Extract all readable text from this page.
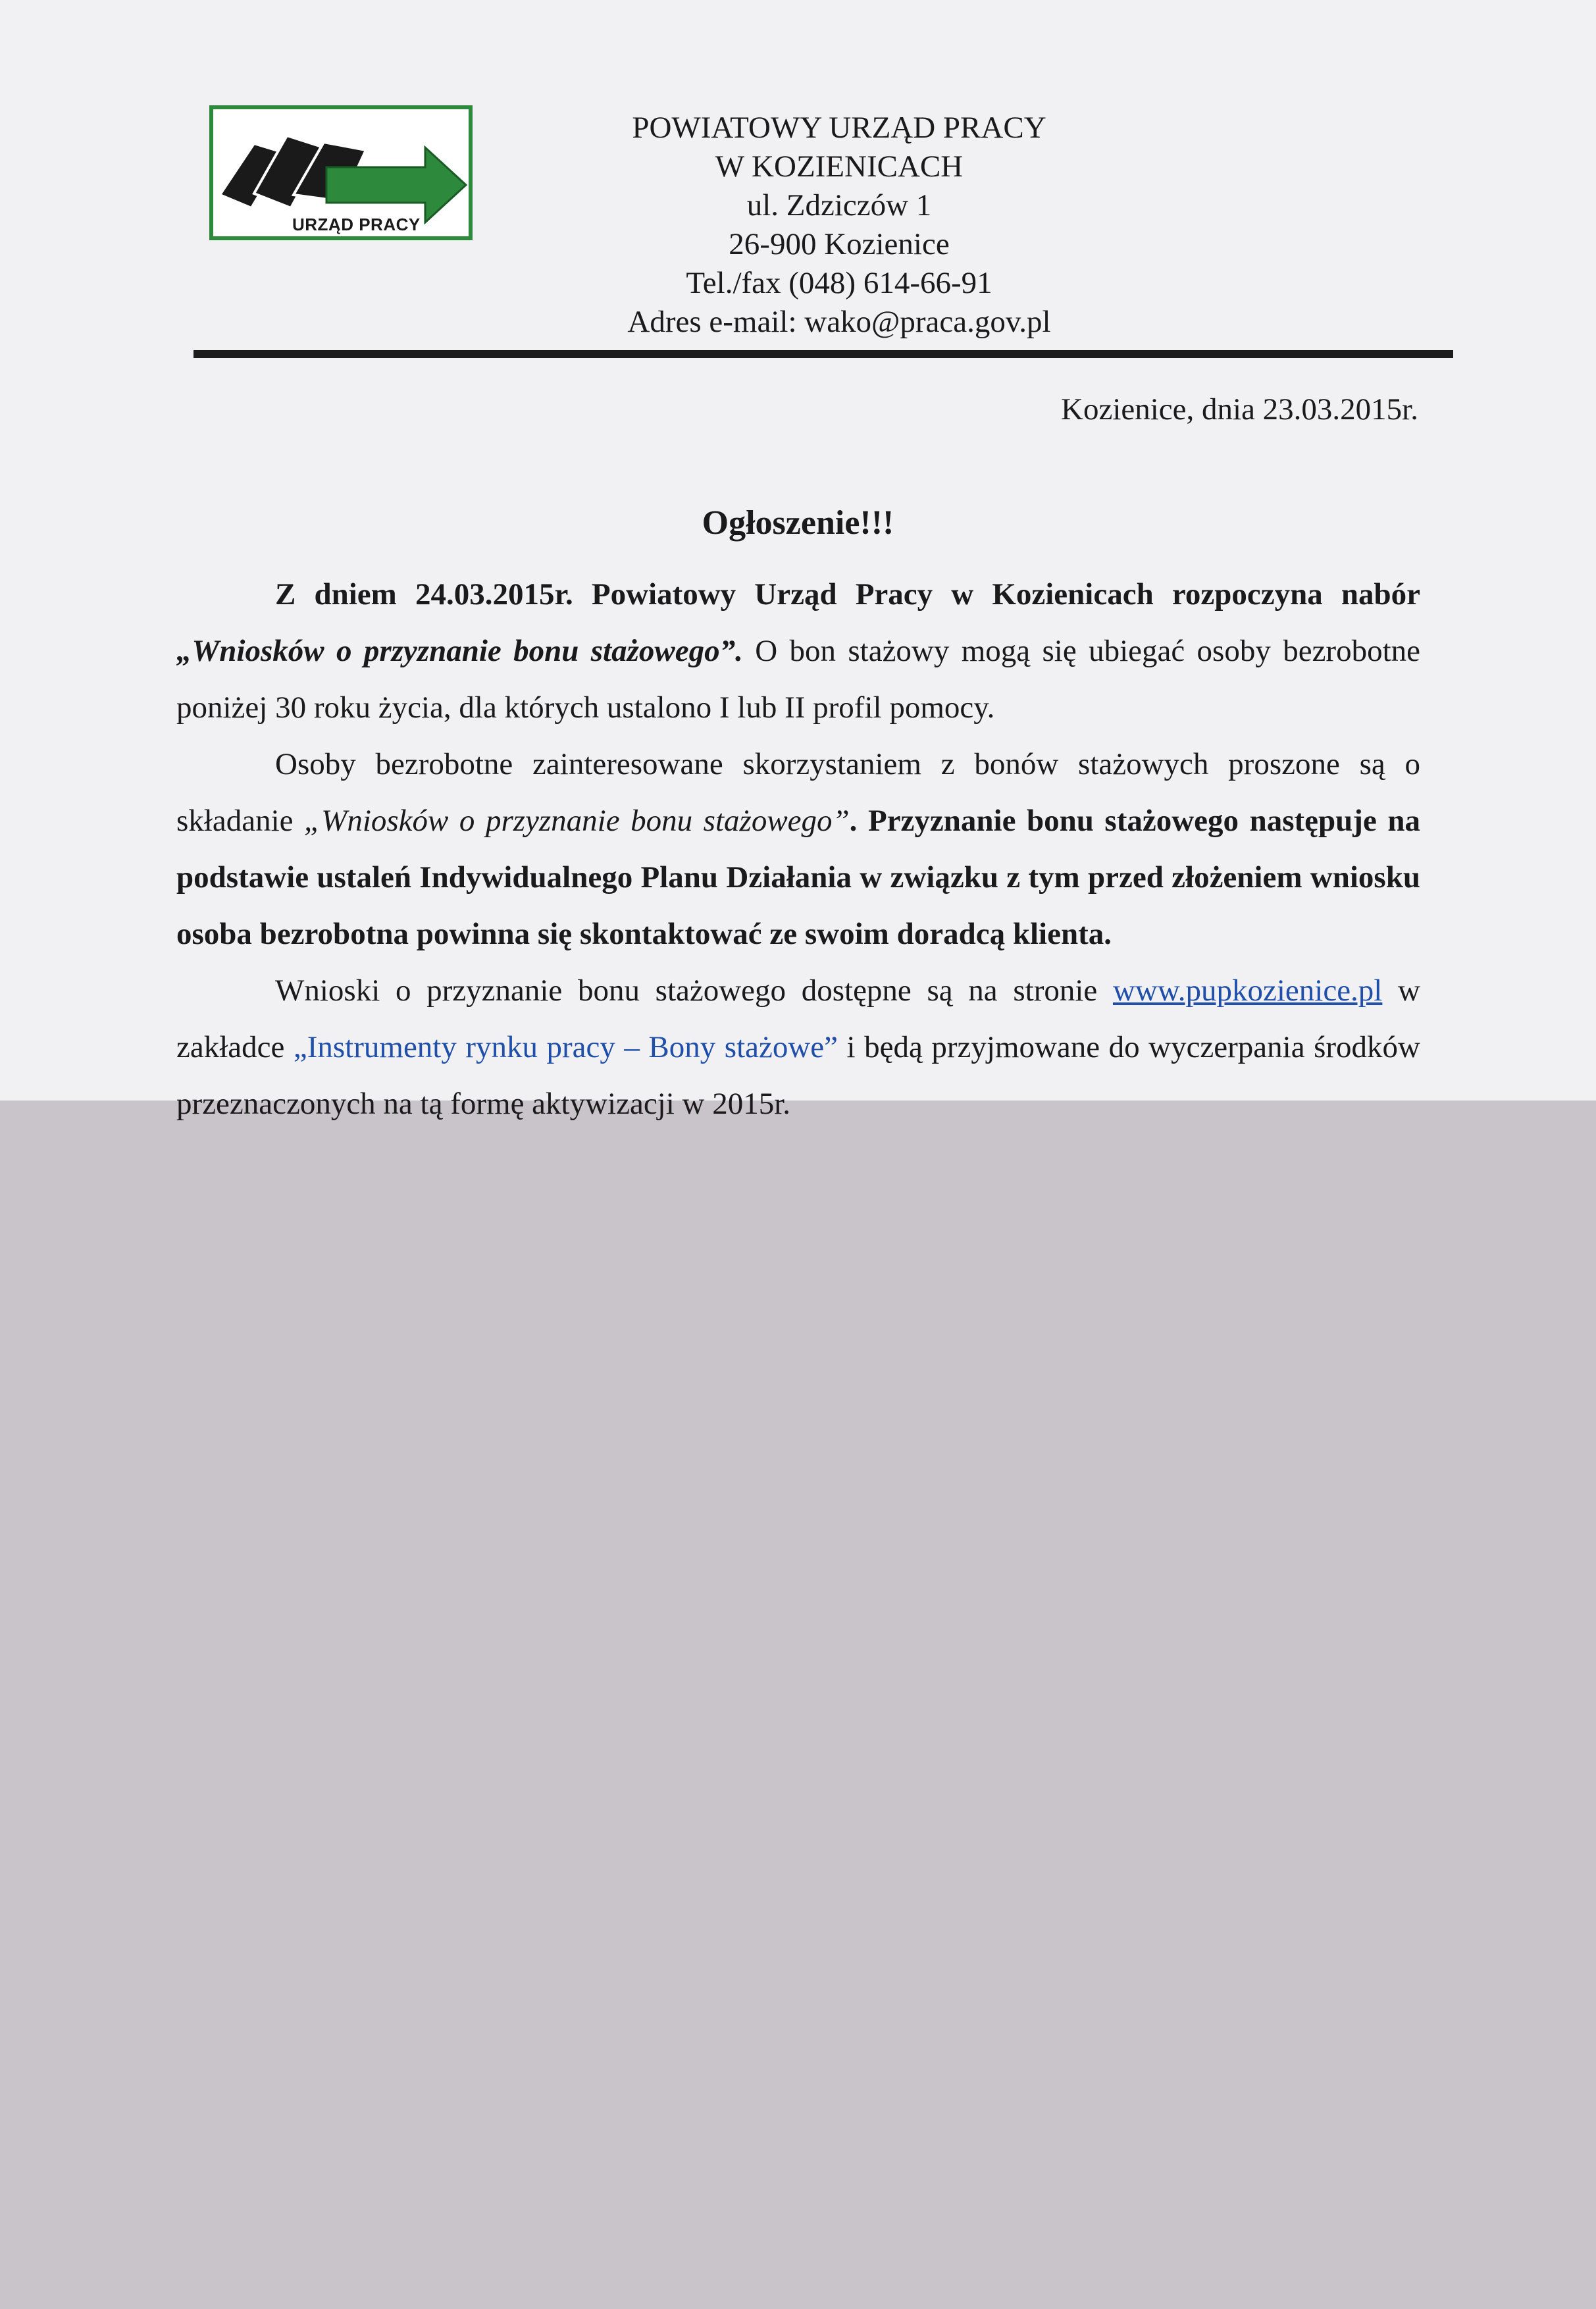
URZĄD PRACY
POWIATOWY URZĄD PRACY
W KOZIENICACH
ul. Zdziczów 1
26-900 Kozienice
Tel./fax (048) 614-66-91
Adres e-mail: wako@praca.gov.pl
Kozienice, dnia 23.03.2015r.
Ogłoszenie!!!

Z dniem 24.03.2015r. Powiatowy Urząd Pracy w Kozienicach rozpoczyna nabór „Wniosków o przyznanie bonu stażowego”. O bon stażowy mogą się ubiegać osoby bezrobotne poniżej 30 roku życia, dla których ustalono I lub II profil pomocy.

Osoby bezrobotne zainteresowane skorzystaniem z bonów stażowych proszone są o składanie „Wniosków o przyznanie bonu stażowego”. Przyznanie bonu stażowego następuje na podstawie ustaleń Indywidualnego Planu Działania w związku z tym przed złożeniem wniosku osoba bezrobotna powinna się skontaktować ze swoim doradcą klienta.

Wnioski o przyznanie bonu stażowego dostępne są na stronie www.pupkozienice.pl w zakładce „Instrumenty rynku pracy – Bony stażowe” i będą przyjmowane do wyczerpania środków przeznaczonych na tą formę aktywizacji w 2015r.
